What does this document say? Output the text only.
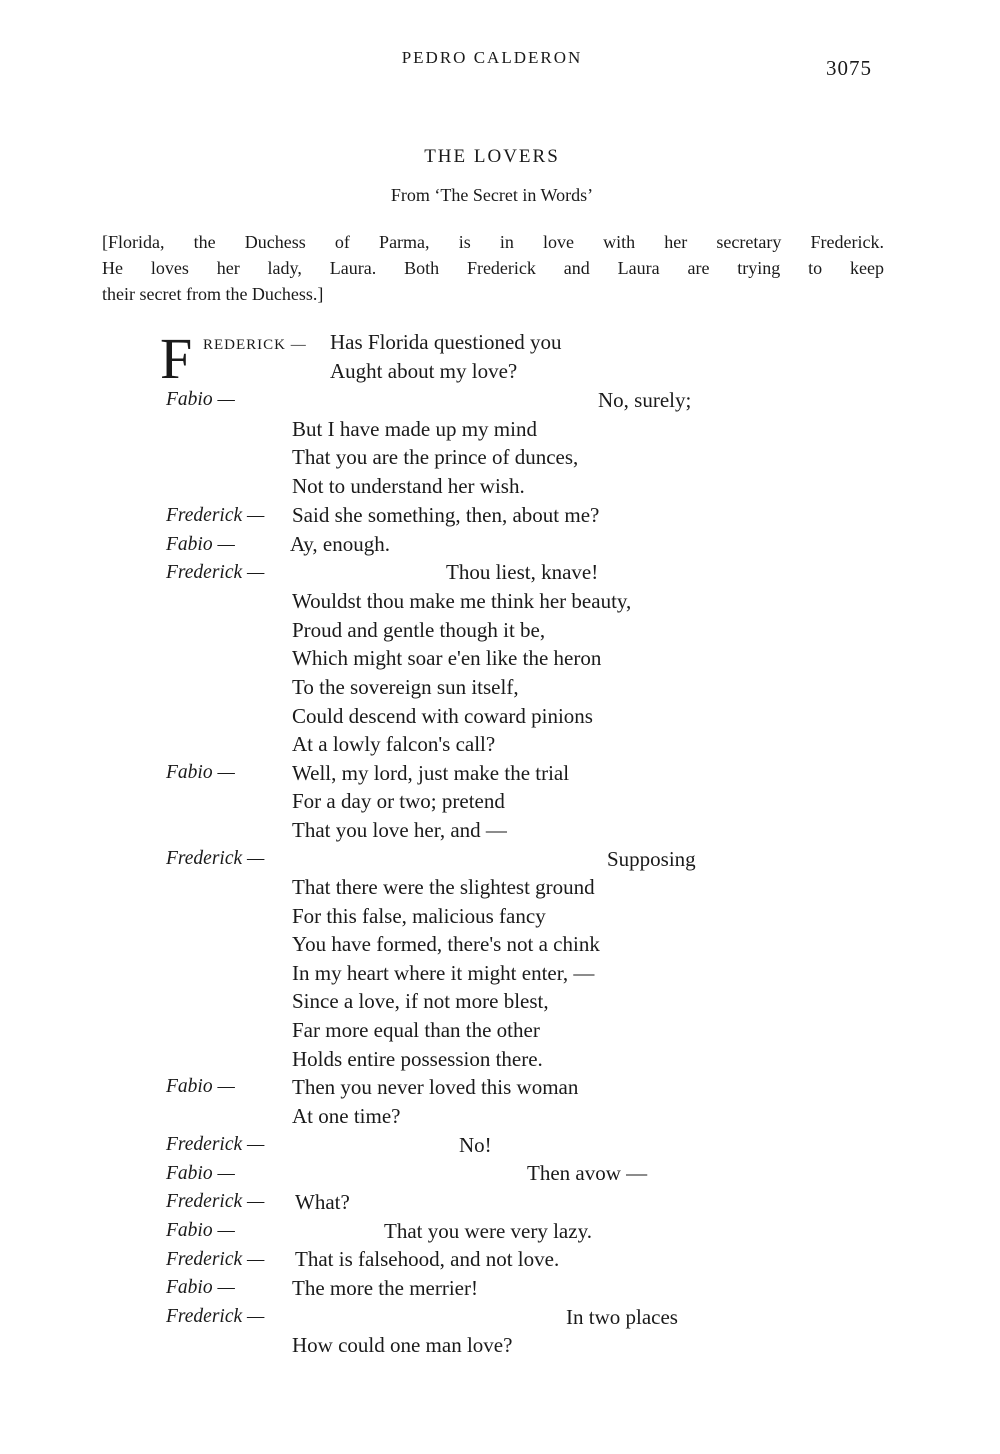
PEDRO CALDERON	3075
THE LOVERS
From ‘The Secret in Words’
[Florida, the Duchess of Parma, is in love with her secretary Frederick.
He loves her lady, Laura. Both Frederick and Laura are trying to keep
their secret from the Duchess.]
F REDERICK —
Fabio —
Frederick —
Fabio —
Frederick —
Fabio —
Frederick —
Fabio —
Frederick —
Fabio —
Frederick —
Fabio —
Frederick —
Fabio —
Frederick —
Has Florida questioned you
Aught about my love?
No, surely;
But I have made up my mind
That you are the prince of dunces,
Not to understand her wish.
Said she something, then, about me?
Ay, enough.
Thou liest, knave!
Wouldst thou make me think her beauty,
Proud and gentle though it be,
Which might soar e'en like the heron
To the sovereign sun itself,
Could descend with coward pinions
At a lowly falcon's call?
Well, my lord, just make the trial
For a day or two; pretend
That you love her, and —
Supposing
That there were the slightest ground
For this false, malicious fancy
You have formed, there's not a chink
In my heart where it might enter, —
Since a love, if not more blest,
Far more equal than the other
Holds entire possession there.
Then you never loved this woman
At one time?
No!
Then avow —
What?
That you were very lazy.
That is falsehood, and not love.
The more the merrier!
In two places
How could one man love?
